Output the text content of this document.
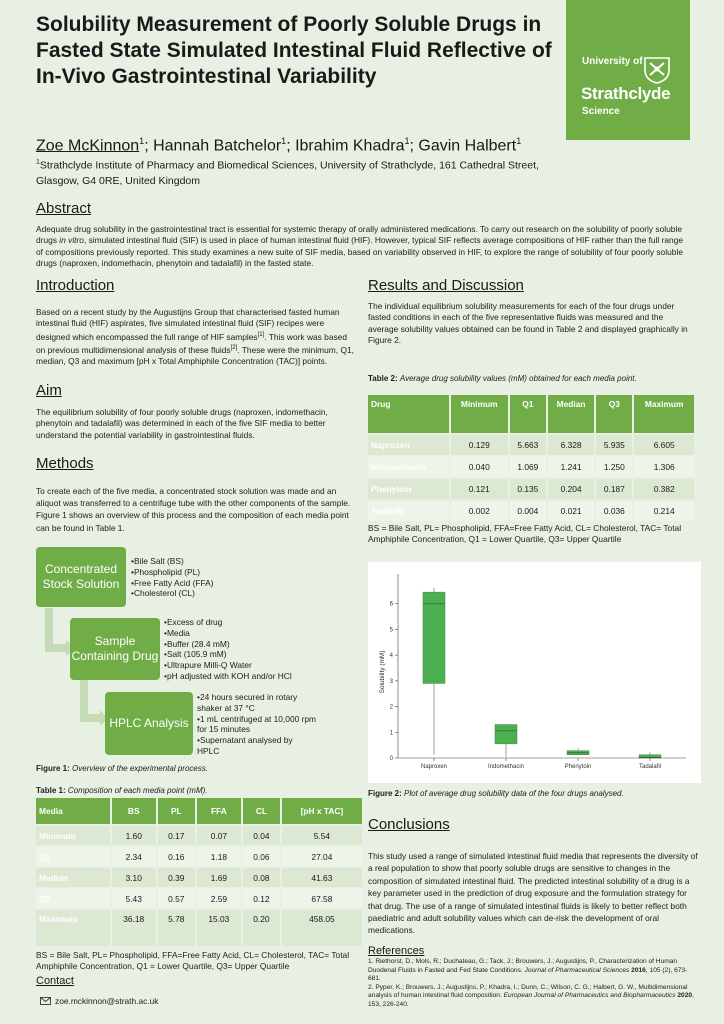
Solubility Measurement of Poorly Soluble Drugs in Fasted State Simulated Intestinal Fluid Reflective of In-Vivo Gastrointestinal Variability
University of
Strathclyde
Science
Zoe McKinnon$^1$; Hannah Batchelor$^1$; Ibrahim Khadra$^1$; Gavin Halbert$^1$
$^1$Strathclyde Institute of Pharmacy and Biomedical Sciences, University of Strathclyde, 161 Cathedral Street, Glasgow, G4 0RE, United Kingdom
Abstract
Adequate drug solubility in the gastrointestinal tract is essential for systemic therapy of orally administered medications. To carry out research on the solubility of poorly soluble drugs in vitro, simulated intestinal fluid (SIF) is used in place of human intestinal fluid (HIF). However, typical SIF reflects average compositions of HIF rather than the full range of compositions previously reported. This study examines a new suite of SIF media, based on variability observed in HIF, to explore the range of solubility of four poorly soluble drugs (naproxen, indomethacin, phenytoin and tadalafil) in the fasted state.
Introduction
Based on a recent study by the Augustijns Group that characterised fasted human intestinal fluid (HIF) aspirates, five simulated intestinal fluid (SIF) recipes were designed which encompassed the full range of HIF samples[1]. This work was based on previous multidimensional analysis of these fluids[2]. These were the minimum, Q1, median, Q3 and maximum [pH x Total Amphiphile Concentration (TAC)] points.
Aim
The equilibrium solubility of four poorly soluble drugs (naproxen, indomethacin, phenytoin and tadalafil) was determined in each of the five SIF media to better understand the potential variability in gastrointestinal fluids.
Methods
To create each of the five media, a concentrated stock solution was made and an aliquot was transferred to a centrifuge tube with the other components of the sample. Figure 1 shows an overview of this process and the composition of each media point can be found in Table 1.
Concentrated Stock Solution
• Bile Salt (BS)
• Phospholipid (PL)
• Free Fatty Acid (FFA)
• Cholesterol (CL)
Sample Containing Drug
• Excess of drug
• Media
• Buffer (28.4 mM)
• Salt (105.9 mM)
• Ultrapure Milli-Q Water
• pH adjusted with KOH and/or HCl
HPLC Analysis
• 24 hours secured in rotary shaker at 37 °C
• 1 mL centrifuged at 10,000 rpm for 15 minutes
• Supernatant analysed by HPLC
Figure 1: Overview of the experimental process.
Table 1: Composition of each media point (mM).
Media	BS	PL	FFA	CL	[pH x TAC]
Minimum	1.60	0.17	0.07	0.04	5.54
Q1	2.34	0.16	1.18	0.06	27.04
Median	3.10	0.39	1.69	0.08	41.63
Q3	5.43	0.57	2.59	0.12	67.58
Maximum	36.18	5.78	15.03	0.20	458.05
BS = Bile Salt, PL= Phospholipid, FFA=Free Fatty Acid, CL= Cholesterol, TAC= Total Amphiphile Concentration, Q1 = Lower Quartile, Q3= Upper Quartile
Contact
zoe.mckinnon@strath.ac.uk
Results and Discussion
The individual equilibrium solubility measurements for each of the four drugs under fasted conditions in each of the five representative fluids was measured and the average solubility values obtained can be found in Table 2 and displayed graphically in Figure 2.
Table 2: Average drug solubility values (mM) obtained for each media point.
Drug	Minimum	Q1	Median	Q3	Maximum
Naproxen	0.129	5.663	6.328	5.935	6.605
Indomethacin	0.040	1.069	1.241	1.250	1.306
Phenytoin	0.121	0.135	0.204	0.187	0.382
Tadalafil	0.002	0.004	0.021	0.036	0.214
BS = Bile Salt, PL= Phospholipid, FFA=Free Fatty Acid, CL= Cholesterol, TAC= Total Amphiphile Concentration, Q1 = Lower Quartile, Q3= Upper Quartile
0
1
2
3
4
5
6
Naproxen	Indomethacin	Phenytoin	Tadalafil
Solubility (mM)
Figure 2: Plot of average drug solubility data of the four drugs analysed.
Conclusions
This study used a range of simulated intestinal fluid media that represents the diversity of a real population to show that poorly soluble drugs are sensitive to changes in the composition of simulated intestinal fluid. The predicted intestinal solubility of a drug is a key parameter used in the prediction of drug exposure and the formulation strategy for that drug. The use of a range of simulated intestinal fluids is likely to better reflect both paediatric and adult solubility values which can de-risk the development of oral medications.
References
1. Riethorst, D.; Mols, R.; Duchateau, G.; Tack, J.; Brouwers, J.; Augustijns, P., Characterization of Human Duodenal Fluids in Fasted and Fed State Conditions. Journal of Pharmaceutical Sciences 2016, 105 (2), 673-681.
2. Pyper, K.; Brouwers, J.; Augustijns, P.; Khadra, I.; Dunn, C.; Wilson, C. G.; Halbert, G. W., Multidimensional analysis of human intestinal fluid composition. European Journal of Pharmaceutics and Biopharmaceutics 2020, 153, 226-240.
